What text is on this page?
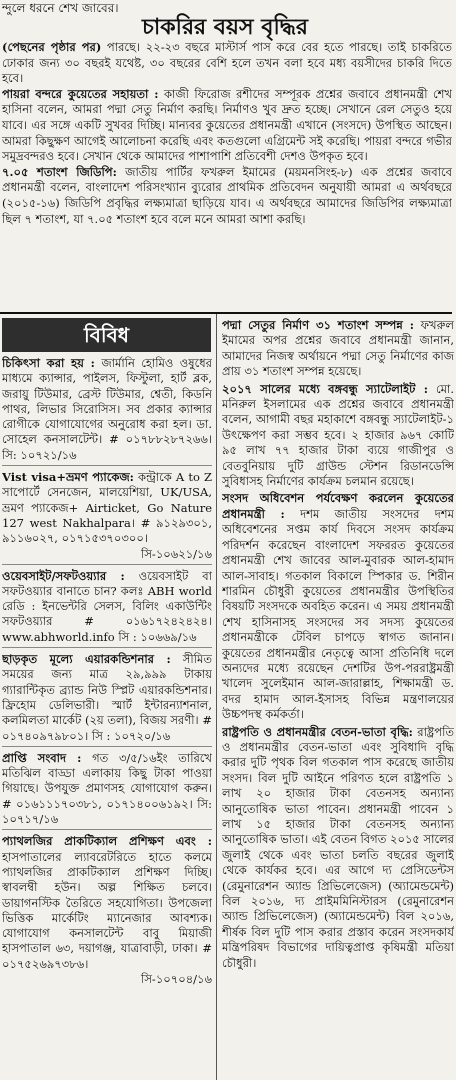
ন্দুলে ধরনে শেখ জাবের।
চাকরির বয়স বৃদ্ধির

(পেছনের পৃষ্ঠার পর) পারছে। ২২-২৩ বছরে মাস্টার্স পাস করে বের হতে পারছে। তাই চাকরিতে ঢোকার জন্য ৩০ বছরই যথেষ্ট, ৩০ বছরের বেশি হলে তখন বলা হবে মধ্য বয়সীদের চাকরি দিতে হবে।

পায়রা বন্দরে কুয়েতের সহায়তা : কাজী ফিরোজ রশীদের সম্পূরক প্রশ্নের জবাবে প্রধানমন্ত্রী শেখ হাসিনা বলেন, আমরা পদ্মা সেতু নির্মাণ করছি। নির্মাণও খুব দ্রুত হচ্ছে। সেখানে রেল সেতুও হয়ে যাবে। এর সঙ্গে একটি সুখবর দিচ্ছি। মান্যবর কুয়েতের প্রধানমন্ত্রী এখানে (সংসদে) উপস্থিত আছেন। আমরা কিছুক্ষণ আগেই আলোচনা করেছি এবং কতগুলো এগ্রিমেন্ট সই করেছি। পায়রা বন্দরে গভীর সমুদ্রবন্দরও হবে। সেখান থেকে আমাদের পাশাপাশি প্রতিবেশী দেশও উপকৃত হবে।

৭.০৫ শতাংশ জিডিপি: জাতীয় পার্টির ফখরুল ইমামের (ময়মনসিংহ-৮) এক প্রশ্নের জবাবে প্রধানমন্ত্রী বলেন, বাংলাদেশ পরিসংখ্যান ব্যুরোর প্রাথমিক প্রতিবেদন অনুযায়ী আমরা এ অর্থবছরে (২০১৫-১৬) জিডিপি প্রবৃদ্ধির লক্ষ্যমাত্রা ছাড়িয়ে যাব। এ অর্থবছরে আমাদের জিডিপির লক্ষ্যমাত্রা ছিল ৭ শতাংশ, যা ৭.০৫ শতাংশ হবে বলে মনে আমরা আশা করছি।

বিবিধ

চিকিৎসা করা হয় : জার্মানি হোমিও ওষুধের মাধ্যমে ক্যান্সার, পাইলস, ফিস্টুলা, হার্ট ব্লক, জরায়ু টিউমার, ব্রেস্ট টিউমার, শ্বেতী, কিডনি পাথর, লিভার সিরোসিস। সব প্রকার ক্যান্সার রোগীকে যোগাযোগের অনুরোধ করা হল। ডা. সোহেল কনসালটেন্ট। # ০১৭৮৮২৮৭২৬৬। সি: ১০৭২১/১৬

Vist visa+ভ্রমণ প্যাকেজ: কন্ট্রাকে A to Z সাপোর্টে সেনজেন, মালয়েশিয়া, UK/USA, ভ্রমণ প্যাকেজ+ Airticket, Go Nature 127 west Nakhalpara। # ৯১২৯৩০১, ৯১১৬০২৭, ০১৭১৫৩৭০৩০০।

সি-১০৬২১/১৬

ওয়েবসাইট/সফটওয়্যার : ওয়েবসাইট বা সফটওয়্যার বানাতে চান? কলঃ ABH world রেডি : ইনভেন্টরি সেলস, বিলিং একাউন্টিং সফটওয়্যার # ০১৬১৭২৪২৪২৪। www.abhworld.info সি : ১০৬৬৯/১৬

ছাড়কৃত মূল্যে এয়ারকন্ডিশনার : সীমিত সময়ের জন্য মাত্র ২৯,৯৯৯ টাকায় গ্যারান্টিকৃত ব্র্যান্ড নিউ স্প্লিট এয়ারকন্ডিশনার। ফ্রিহোম ডেলিভারী। স্মার্ট ইন্টারন্যাশনাল, কলমিলতা মার্কেট (২য় তলা), বিজয় সরণী। # ০১৭৪০৯৭৯৮০১। সি : ১০৭২০/১৬

প্রাপ্তি সংবাদ : গত ৩/৫/১৬ইং তারিখে মতিঝিল বাড্ডা এলাকায় কিছু টাকা পাওয়া গিয়াছে। উপযুক্ত প্রমাণসহ যোগাযোগ করুন। # ০১৬১১১৭০৩৮১, ০১৭১৪০০৬১৯২। সি: ১০৭১৭/১৬

প্যাথলজির প্রাকটিক্যাল প্রশিক্ষণ এবং : হাসপাতালের ল্যাবরেটরিতে হাতে কলমে প্যাথলজির প্রাকটিক্যাল প্রশিক্ষণ দিচ্ছি। স্বাবলম্বী হউন। অল্প শিক্ষিত চলবে। ডায়াগনস্টিক তৈরিতে সহযোগিতা। উপজেলা ভিত্তিক মার্কেটিং ম্যানেজার আবশ্যক। যোগাযোগ কনসালটেন্ট বাবু মিয়াজী হাসপাতাল ৬৩, দয়াগঞ্জ, যাত্রাবাড়ী, ঢাকা। # ০১৭৫২৬৯৭৩৮৬।

সি-১০৭০৪/১৬

পদ্মা সেতুর নির্মাণ ৩১ শতাংশ সম্পন্ন : ফখরুল ইমামের অপর প্রশ্নের জবাবে প্রধানমন্ত্রী জানান, আমাদের নিজস্ব অর্থায়নে পদ্মা সেতু নির্মাণের কাজ প্রায় ৩১ শতাংশ সম্পন্ন হয়েছে।

২০১৭ সালের মধ্যে বঙ্গবন্ধু স্যাটেলাইট : মো. মনিরুল ইসলামের এক প্রশ্নের জবাবে প্রধানমন্ত্রী বলেন, আগামী বছর মহাকাশে বঙ্গবন্ধু স্যাটেলাইট-১ উৎক্ষেপণ করা সম্ভব হবে। ২ হাজার ৯৬৭ কোটি ৯৫ লাখ ৭৭ হাজার টাকা ব্যয়ে গাজীপুর ও বেতবুনিয়ায় দুটি গ্রাউন্ড স্টেশন রিডানডেন্সি সুবিধাসহ নির্মাণের কার্যক্রম চলমান রয়েছে।

সংসদ অধিবেশন পর্যবেক্ষণ করলেন কুয়েতের প্রধানমন্ত্রী : দশম জাতীয় সংসদের দশম অধিবেশনের সপ্তম কার্য দিবসে সংসদ কার্যক্রম পরিদর্শন করেছেন বাংলাদেশ সফররত কুয়েতের প্রধানমন্ত্রী শেখ জাবের আল-মুবারক আল-হামাদ আল-সাবাহ। গতকাল বিকালে স্পিকার ড. শিরীন শারমিন চৌধুরী কুয়েতের প্রধানমন্ত্রীর উপস্থিতির বিষয়টি সংসদকে অবহিত করেন। এ সময় প্রধানমন্ত্রী শেখ হাসিনাসহ সংসদের সব সদস্য কুয়েতের প্রধানমন্ত্রীকে টেবিল চাপড়ে স্বাগত জানান। কুয়েতের প্রধানমন্ত্রীর নেতৃত্বে আসা প্রতিনিধি দলে অন্যদের মধ্যে রয়েছেন দেশটির উপ-পররাষ্ট্রমন্ত্রী খালেদ সুলেইমান আল-জারাল্লাহ, শিক্ষামন্ত্রী ড. বদর হামাদ আল-ইসাসহ বিভিন্ন মন্ত্রণালয়ের উচ্চপদস্থ কর্মকর্তা।

রাষ্ট্রপতি ও প্রধানমন্ত্রীর বেতন-ভাতা বৃদ্ধি: রাষ্ট্রপতি ও প্রধানমন্ত্রীর বেতন-ভাতা এবং সুবিধাদি বৃদ্ধি করার দুটি পৃথক বিল গতকাল পাস করেছে জাতীয় সংসদ। বিল দুটি আইনে পরিণত হলে রাষ্ট্রপতি ১ লাখ ২০ হাজার টাকা বেতনসহ অন্যান্য আনুতোষিক ভাতা পাবেন। প্রধানমন্ত্রী পাবেন ১ লাখ ১৫ হাজার টাকা বেতনসহ অন্যান্য আনুতোষিক ভাতা। এই বেতন বিগত ২০১৫ সালের জুলাই থেকে এবং ভাতা চলতি বছরের জুলাই থেকে কার্যকর হবে। এর আগে দ্য প্রেসিডেন্টস (রেমুনারেশন অ্যান্ড প্রিভিলেজেস) (অ্যামেন্ডমেন্ট) বিল ২০১৬, দ্য প্রাইমমিনিস্টারস (রেমুনারেশন অ্যান্ড প্রিভিলেজেস) (অ্যামেন্ডমেন্ট) বিল ২০১৬, শীর্ষক বিল দুটি পাস করার প্রস্তাব করেন সংসদকার্য মন্ত্রিপরিষদ বিভাগের দায়িত্বপ্রাপ্ত কৃষিমন্ত্রী মতিয়া চৌধুরী।
